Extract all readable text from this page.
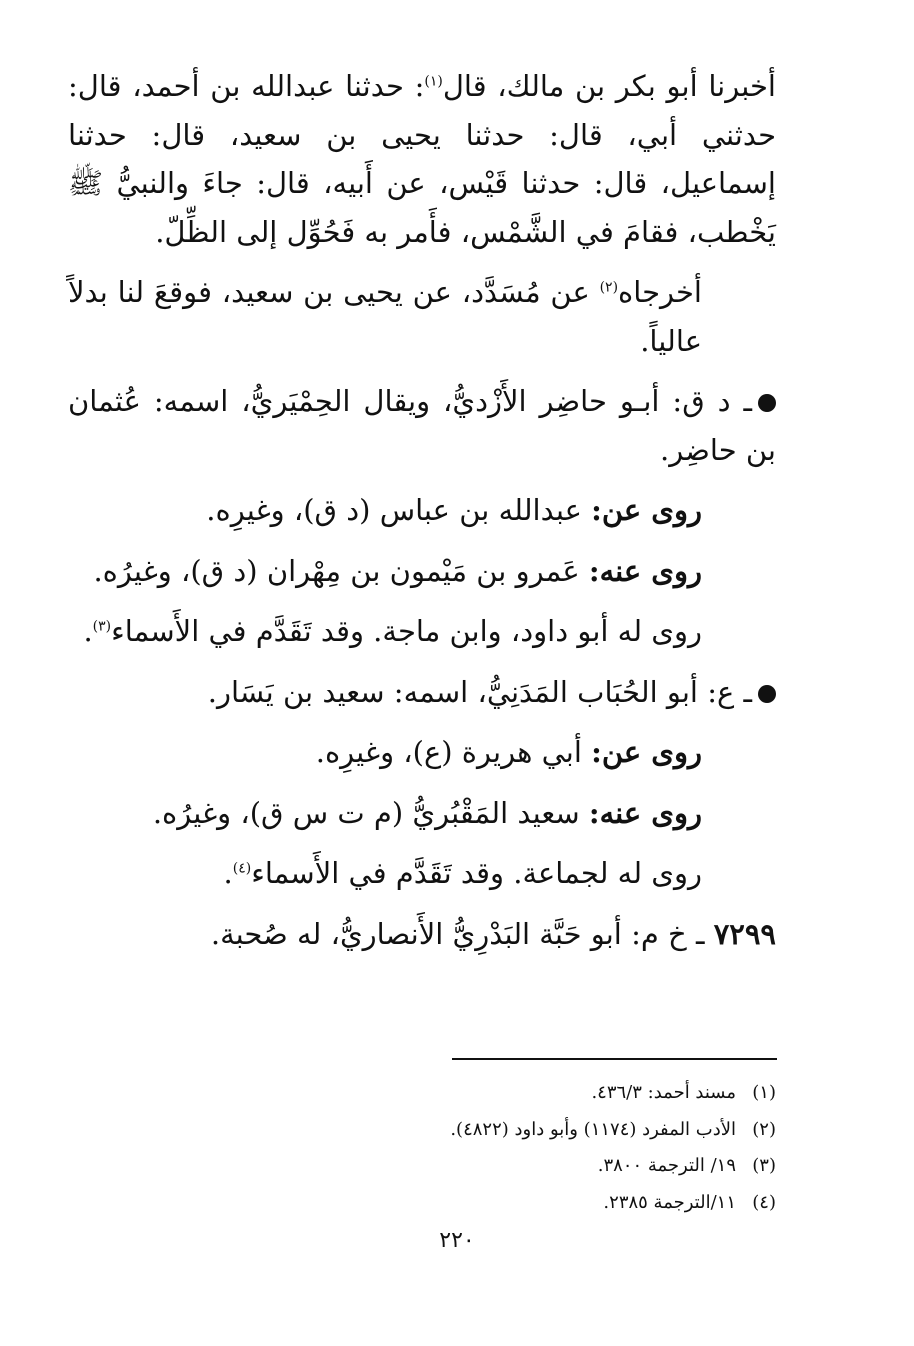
أخبرنا أبو بكر بن مالك، قال$^{(١)}$: حدثنا عبدالله بن أحمد، قال: حدثني أبي، قال: حدثنا يحيى بن سعيد، قال: حدثنا إسماعيل، قال: حدثنا قَيْس، عن أَبيه، قال: جاءَ والنبيُّ ﷺ يَخْطب، فقامَ في الشَّمْس، فأَمر به فَحُوِّل إلى الظِّلّ.

أخرجاه$^{(٢)}$ عن مُسَدَّد، عن يحيى بن سعيد، فوقعَ لنا بدلاً عالياً.

ـ د ق: أبـو حاضِر الأَزْديُّ، ويقال الحِمْيَريُّ، اسمه: عُثمان بن حاضِر.

روى عن: عبدالله بن عباس (د ق)، وغيرِه.

روى عنه: عَمرو بن مَيْمون بن مِهْران (د ق)، وغيرُه.

روى له أبو داود، وابن ماجة. وقد تَقَدَّم في الأَسماء$^{(٣)}$.

ـ ع: أبو الحُبَاب المَدَنِيُّ، اسمه: سعيد بن يَسَار.

روى عن: أبي هريرة (ع)، وغيرِه.

روى عنه: سعيد المَقْبُريُّ (م ت س ق)، وغيرُه.

روى له لجماعة. وقد تَقَدَّم في الأَسماء$^{(٤)}$.

٧٢٩٩ ـ خ م: أبو حَبَّة البَدْرِيُّ الأَنصاريُّ، له صُحبة.

(١)مسند أحمد: ٤٣٦/٣.
(٢)الأدب المفرد (١١٧٤) وأبو داود (٤٨٢٢).
(٣)١٩/ الترجمة ٣٨٠٠.
(٤)١١/الترجمة ٢٣٨٥.
٢٢٠
